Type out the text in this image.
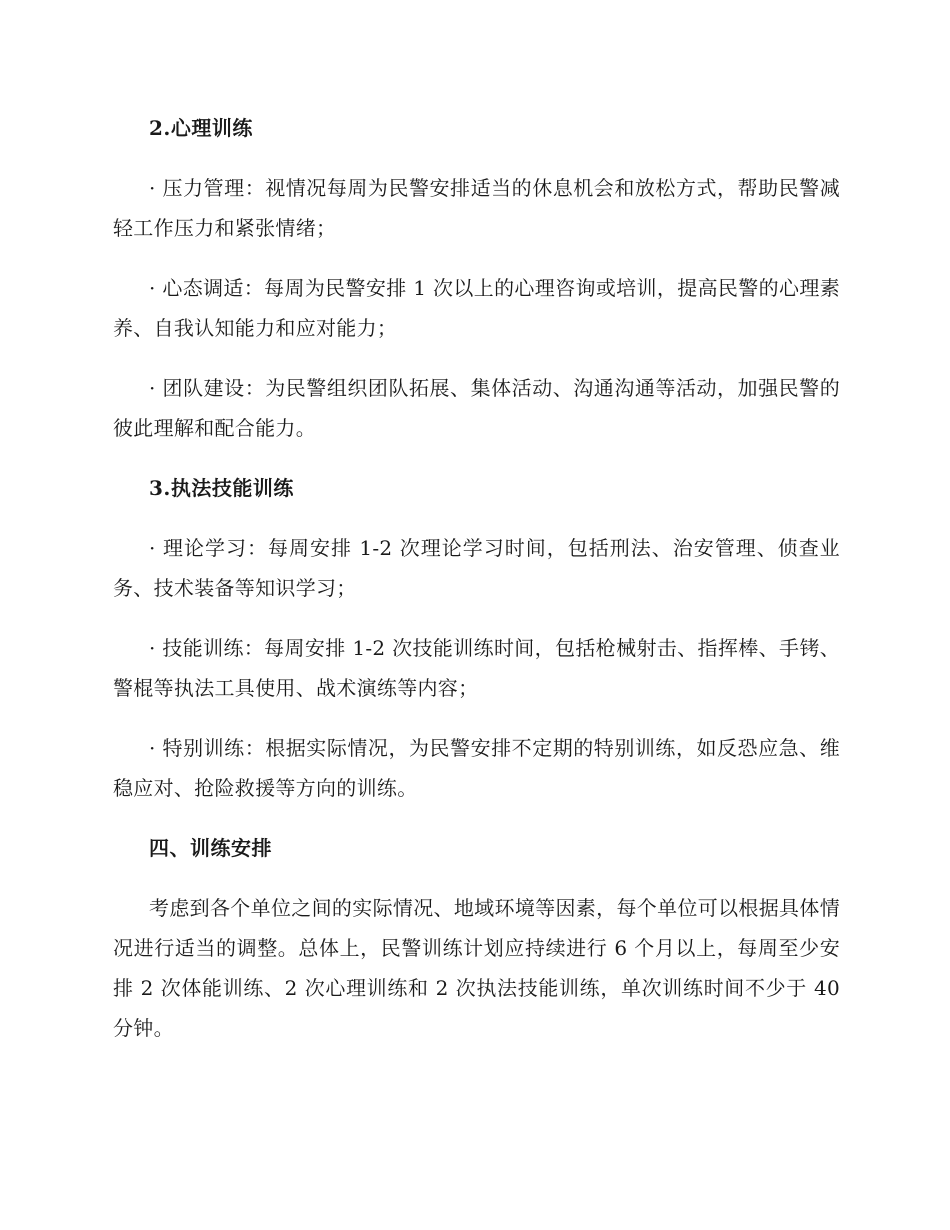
2.心理训练

· 压力管理：视情况每周为民警安排适当的休息机会和放松方式，帮助民警减轻工作压力和紧张情绪；

· 心态调适：每周为民警安排 1 次以上的心理咨询或培训，提高民警的心理素养、自我认知能力和应对能力；

· 团队建设：为民警组织团队拓展、集体活动、沟通沟通等活动，加强民警的彼此理解和配合能力。

3.执法技能训练

· 理论学习：每周安排 1-2 次理论学习时间，包括刑法、治安管理、侦查业务、技术装备等知识学习；

· 技能训练：每周安排 1-2 次技能训练时间，包括枪械射击、指挥棒、手铐、警棍等执法工具使用、战术演练等内容；

· 特别训练：根据实际情况，为民警安排不定期的特别训练，如反恐应急、维稳应对、抢险救援等方向的训练。

四、训练安排

考虑到各个单位之间的实际情况、地域环境等因素，每个单位可以根据具体情况进行适当的调整。总体上，民警训练计划应持续进行 6 个月以上，每周至少安排 2 次体能训练、2 次心理训练和 2 次执法技能训练，单次训练时间不少于 40 分钟。
